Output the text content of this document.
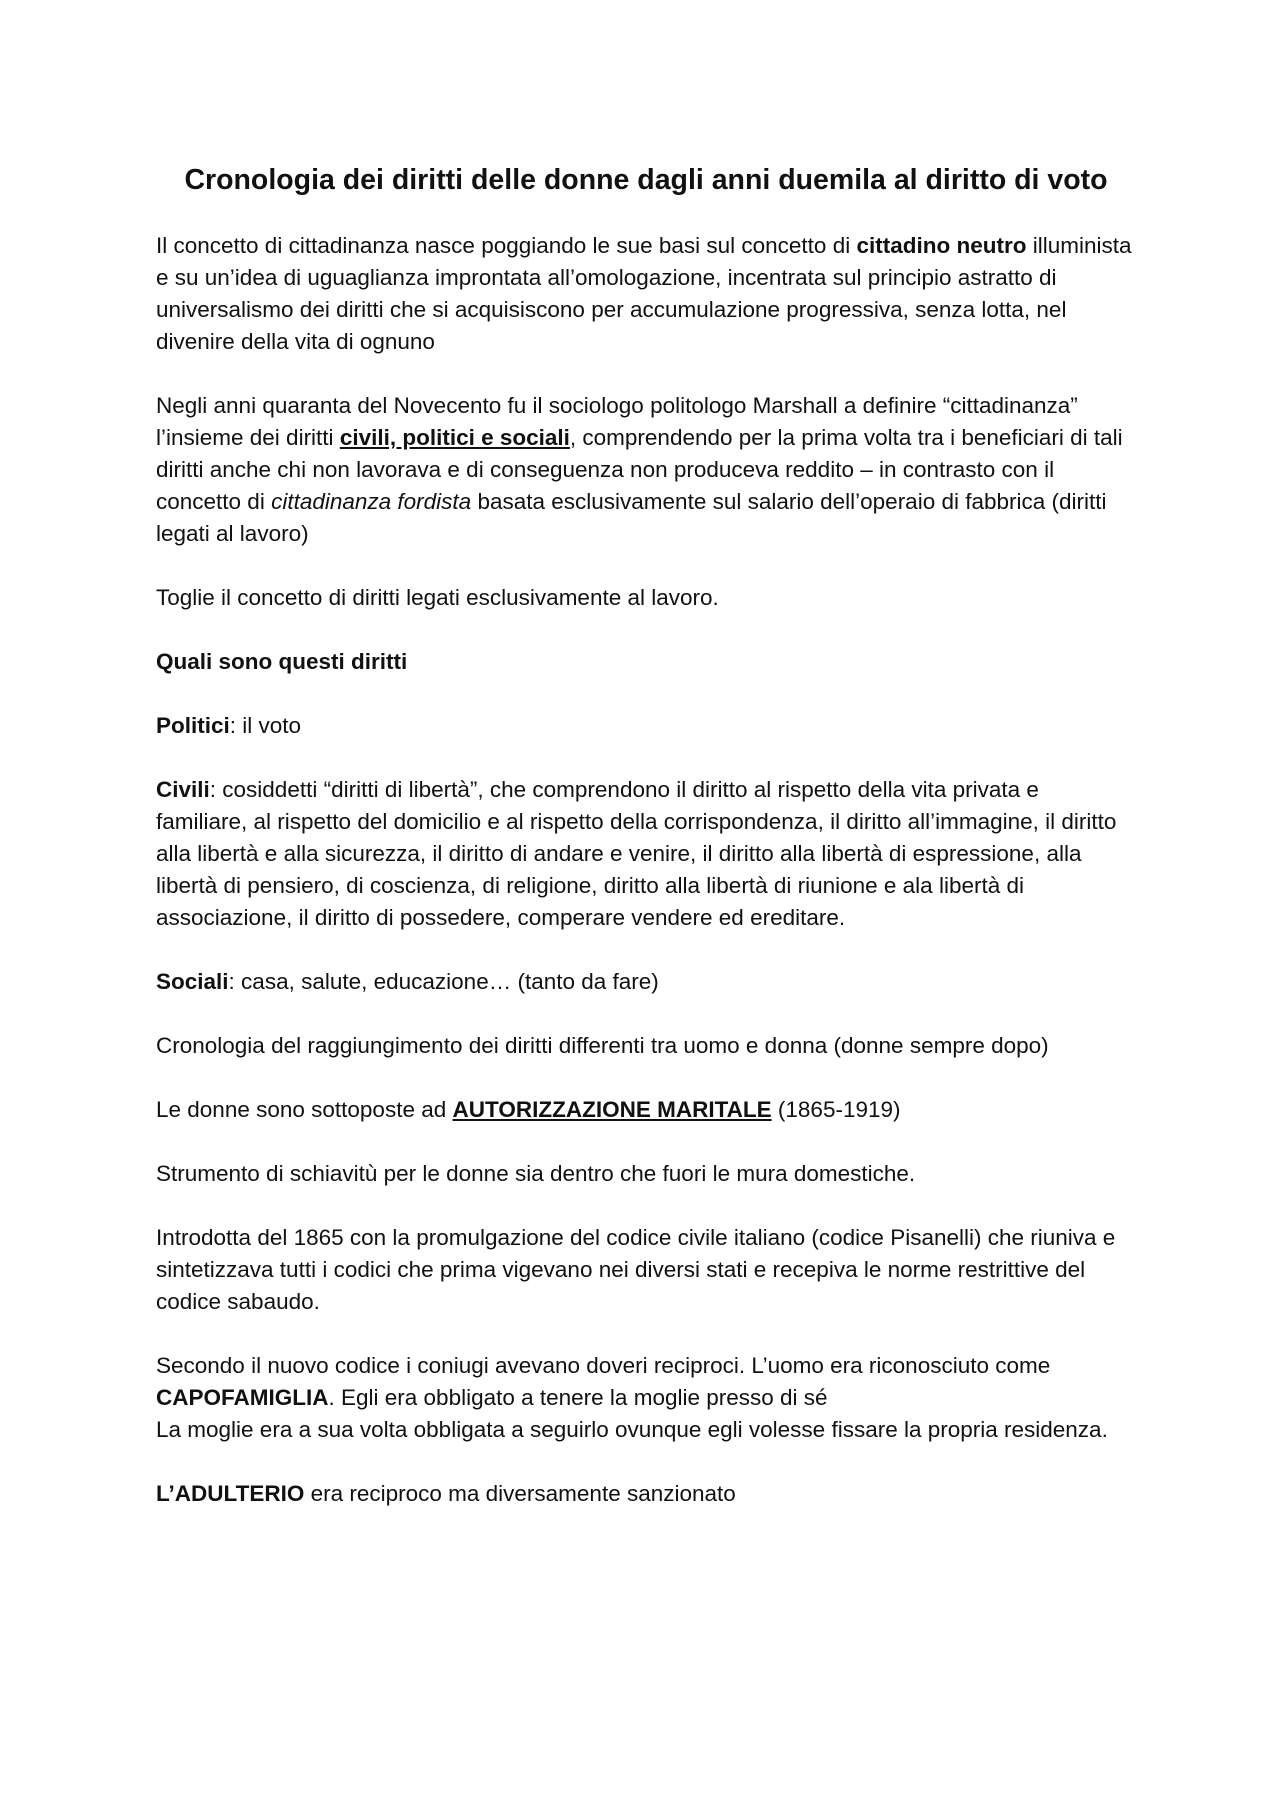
Cronologia dei diritti delle donne dagli anni duemila al diritto di voto

Il concetto di cittadinanza nasce poggiando le sue basi sul concetto di cittadino neutro illuminista e su un’idea di uguaglianza improntata all’omologazione, incentrata sul principio astratto di universalismo dei diritti che si acquisiscono per accumulazione progressiva, senza lotta, nel divenire della vita di ognuno

Negli anni quaranta del Novecento fu il sociologo politologo Marshall a definire “cittadinanza” l’insieme dei diritti civili, politici e sociali, comprendendo per la prima volta tra i beneficiari di tali diritti anche chi non lavorava e di conseguenza non produceva reddito – in contrasto con il concetto di cittadinanza fordista basata esclusivamente sul salario dell’operaio di fabbrica (diritti legati al lavoro)

Toglie il concetto di diritti legati esclusivamente al lavoro.

Quali sono questi diritti

Politici: il voto

Civili: cosiddetti “diritti di libertà”, che comprendono il diritto al rispetto della vita privata e familiare, al rispetto del domicilio e al rispetto della corrispondenza, il diritto all’immagine, il diritto alla libertà e alla sicurezza, il diritto di andare e venire, il diritto alla libertà di espressione, alla libertà di pensiero, di coscienza, di religione, diritto alla libertà di riunione e ala libertà di associazione, il diritto di possedere, comperare vendere ed ereditare.

Sociali: casa, salute, educazione… (tanto da fare)

Cronologia del raggiungimento dei diritti differenti tra uomo e donna (donne sempre dopo)

Le donne sono sottoposte ad AUTORIZZAZIONE MARITALE (1865-1919)

Strumento di schiavitù per le donne sia dentro che fuori le mura domestiche.

Introdotta del 1865 con la promulgazione del codice civile italiano (codice Pisanelli) che riuniva e sintetizzava tutti i codici che prima vigevano nei diversi stati e recepiva le norme restrittive del codice sabaudo.

Secondo il nuovo codice i coniugi avevano doveri reciproci. L’uomo era riconosciuto come CAPOFAMIGLIA. Egli era obbligato a tenere la moglie presso di sé

La moglie era a sua volta obbligata a seguirlo ovunque egli volesse fissare la propria residenza.

L’ADULTERIO era reciproco ma diversamente sanzionato
